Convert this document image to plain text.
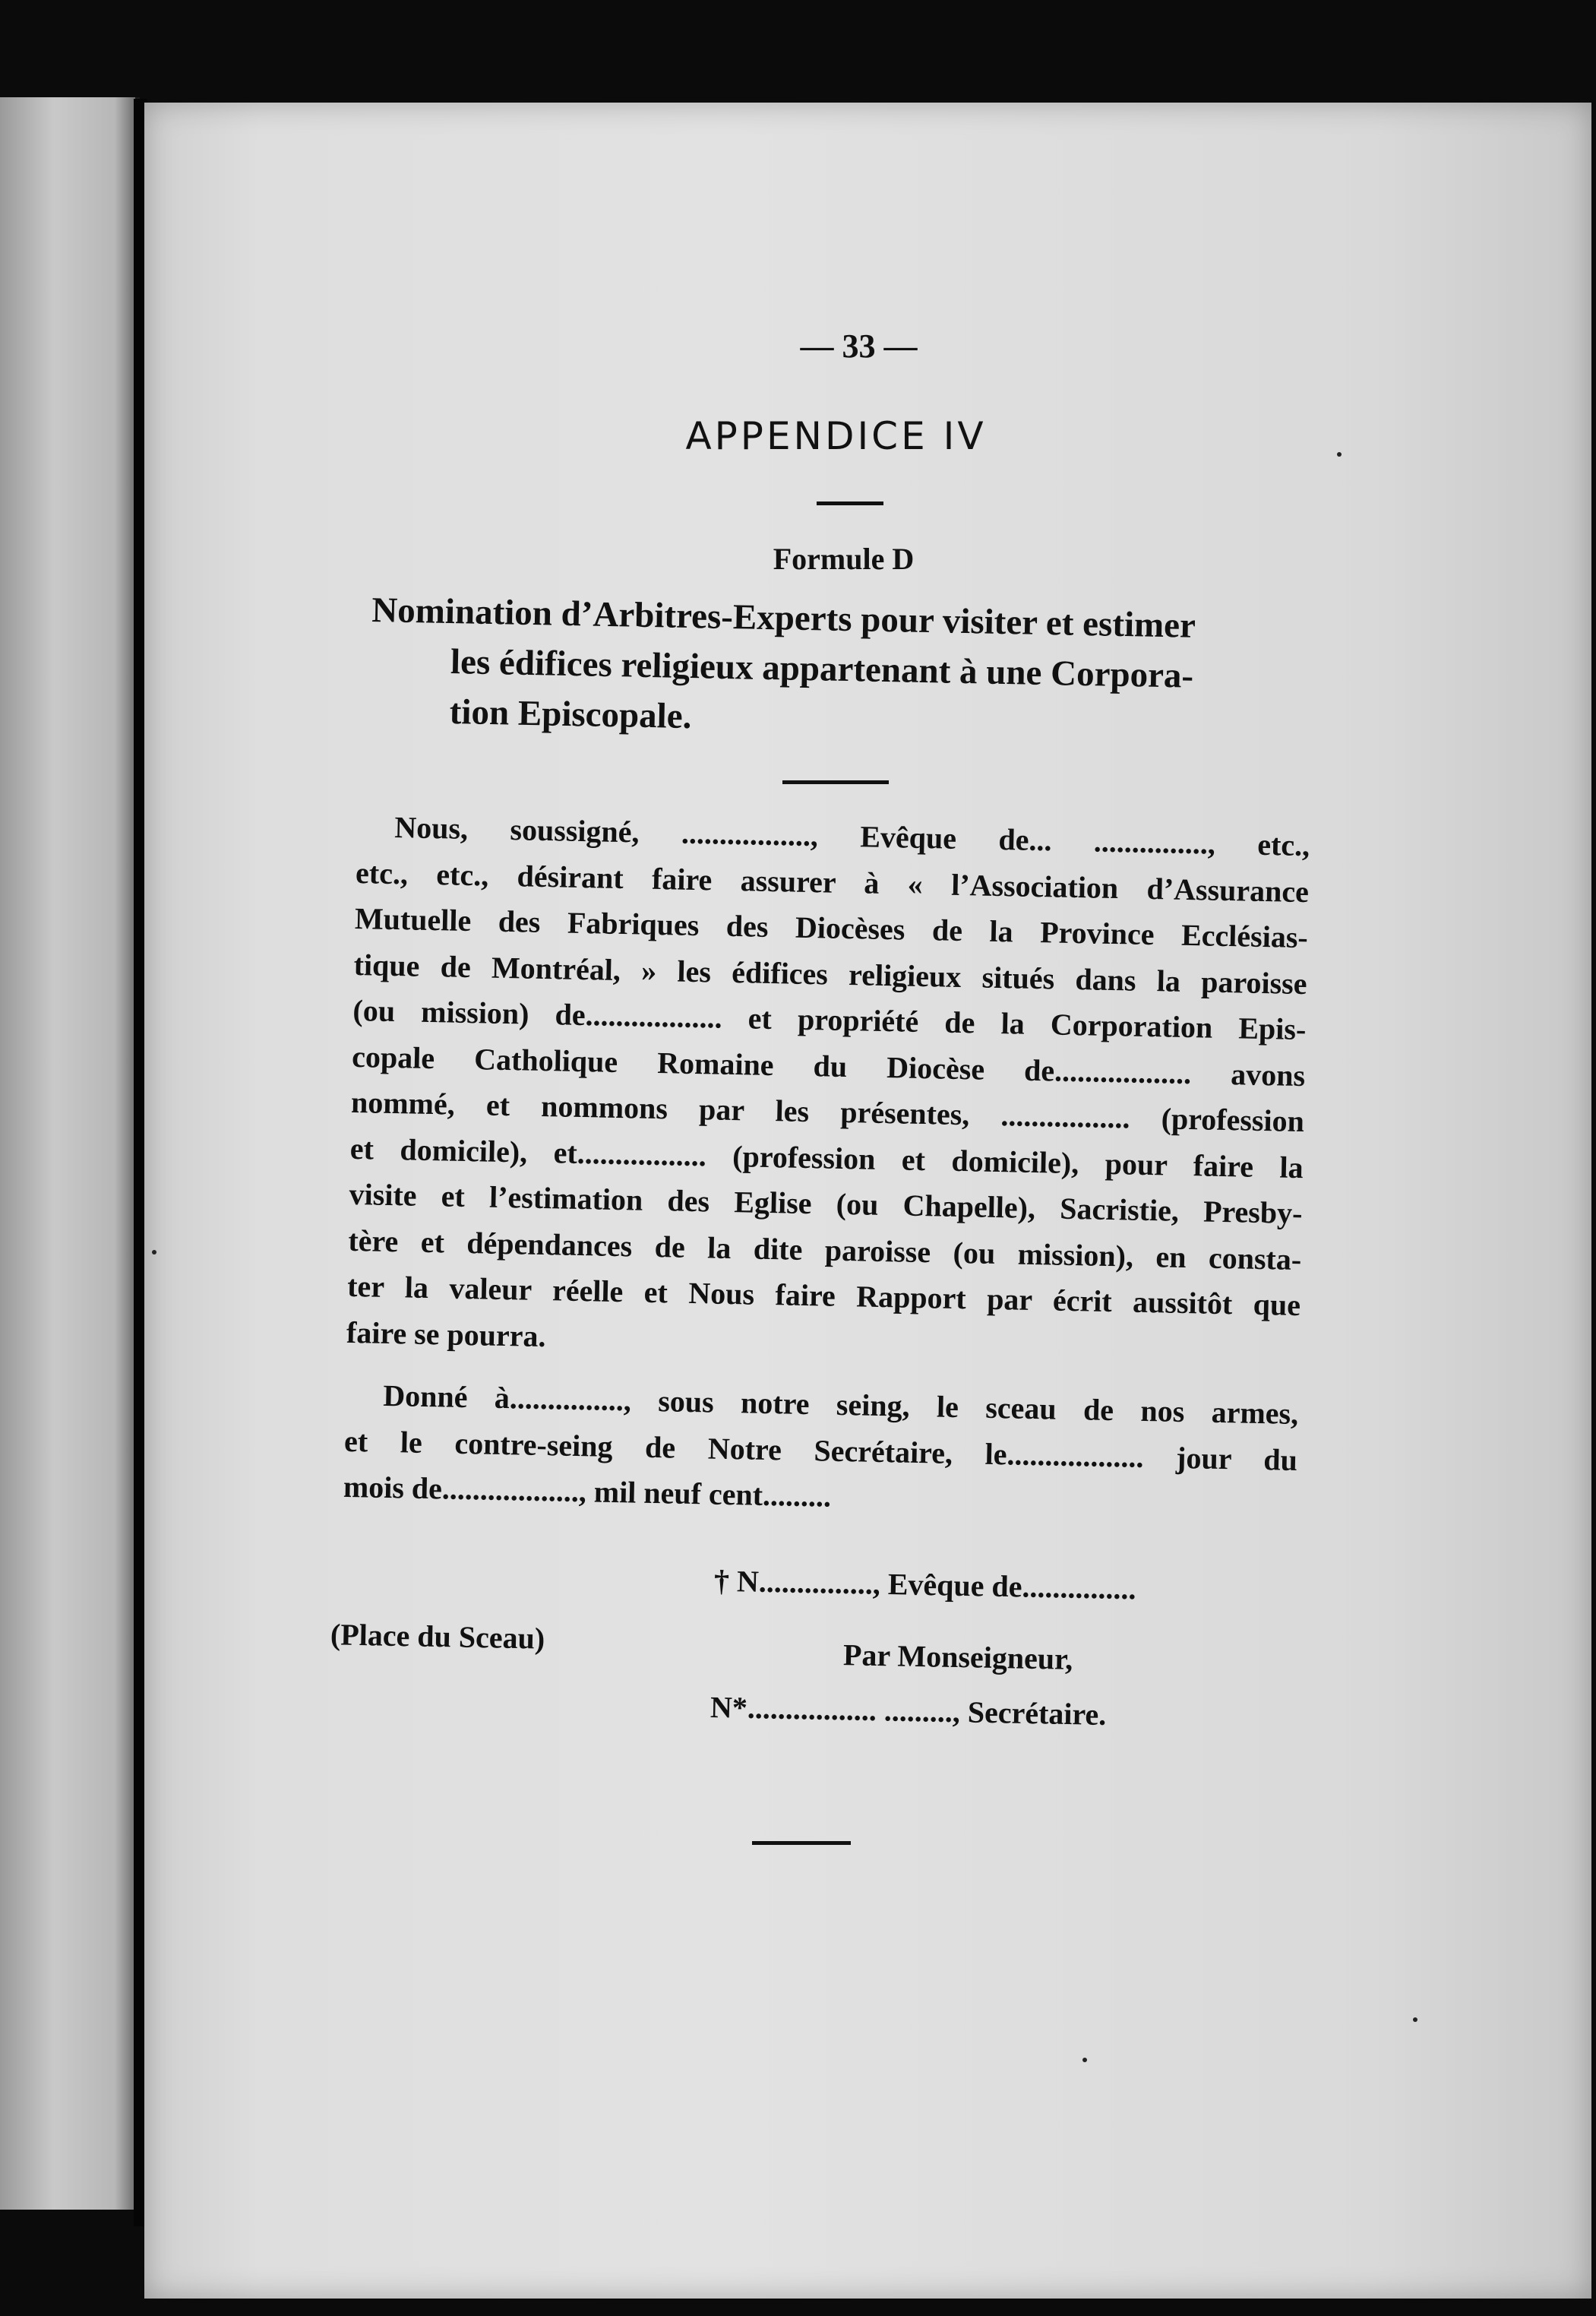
— 33 —
APPENDICE IV
Formule D
Nomination d’Arbitres-Experts pour visiter et estimer
les édifices religieux appartenant à une Corpora-
tion Episcopale.
Nous, soussigné, ................., Evêque de... ..............., etc.,
etc., etc., désirant faire assurer à « l’Association d’Assurance
Mutuelle des Fabriques des Diocèses de la Province Ecclésias-
tique de Montréal, » les édifices religieux situés dans la paroisse
(ou mission) de.................. et propriété de la Corporation Epis-
copale Catholique Romaine du Diocèse de.................. avons
nommé, et nommons par les présentes, ................. (profession
et domicile), et................. (profession et domicile), pour faire la
visite et l’estimation des Eglise (ou Chapelle), Sacristie, Presby-
tère et dépendances de la dite paroisse (ou mission), en consta-
ter la valeur réelle et Nous faire Rapport par écrit aussitôt que
faire se pourra.
Donné à..............., sous notre seing, le sceau de nos armes,
et le contre-seing de Notre Secrétaire, le.................. jour du
mois de.................., mil neuf cent.........
† N..............., Evêque de...............
(Place du Sceau)
Par Monseigneur,
N*................. ........., Secrétaire.
